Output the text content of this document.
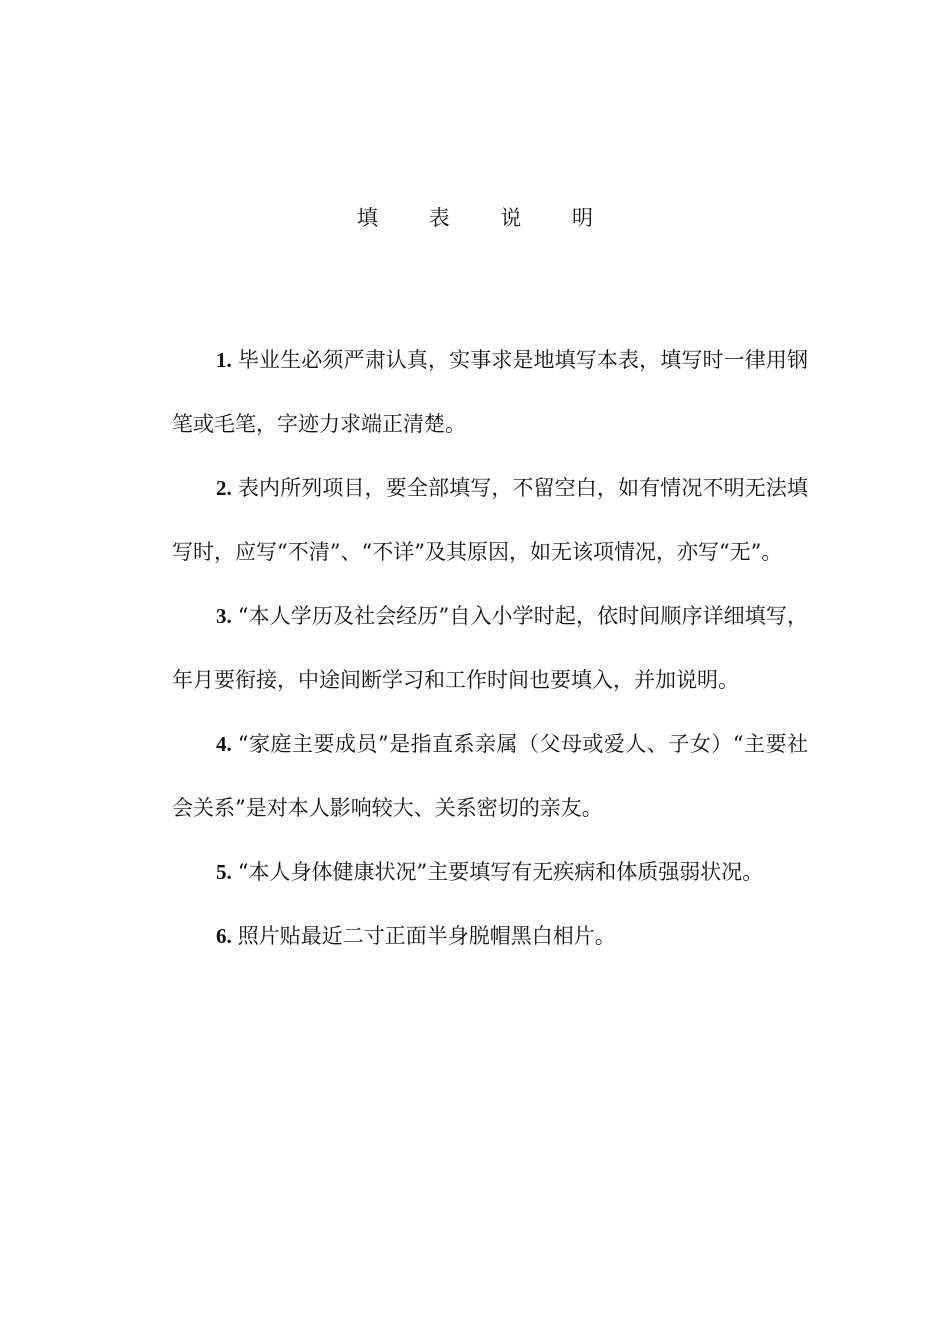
填 表 说 明

1. 毕业生必须严肃认真，实事求是地填写本表，填写时一律用钢笔或毛笔，字迹力求端正清楚。

2. 表内所列项目，要全部填写，不留空白，如有情况不明无法填写时，应写“不清”、“不详”及其原因，如无该项情况，亦写“无”。

3. “本人学历及社会经历”自入小学时起，依时间顺序详细填写，年月要衔接，中途间断学习和工作时间也要填入，并加说明。

4. “家庭主要成员”是指直系亲属（父母或爱人、子女）“主要社会关系”是对本人影响较大、关系密切的亲友。

5. “本人身体健康状况”主要填写有无疾病和体质强弱状况。

6. 照片贴最近二寸正面半身脱帽黑白相片。
